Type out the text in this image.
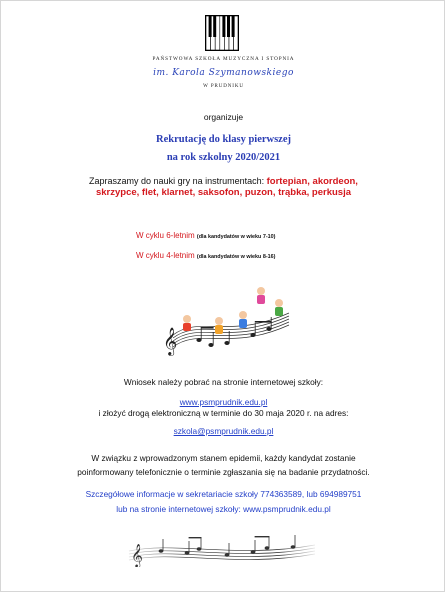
PAŃSTWOWA SZKOŁA MUZYCZNA I STOPNIA
im. Karola Szymanowskiego
W PRUDNIKU
organizuje
Rekrutację do klasy pierwszej
na rok szkolny 2020/2021
Zapraszamy do nauki gry na instrumentach: fortepian, akordeon,
skrzypce, flet, klarnet, saksofon, puzon, trąbka, perkusja
W cyklu 6-letnim (dla kandydatów w wieku 7-10)
W cyklu 4-letnim (dla kandydatów w wieku 8-16)
𝄞
Wniosek należy pobrać na stronie internetowej szkoły:
www.psmprudnik.edu.pl
i złożyć drogą elektroniczną w terminie do 30 maja 2020 r. na adres:
szkola@psmprudnik.edu.pl
W związku z wprowadzonym stanem epidemii, każdy kandydat zostanie
poinformowany telefonicznie o terminie zgłaszania się na badanie przydatności.
Szczegółowe informacje w sekretariacie szkoły 774363589, lub 694989751
lub na stronie internetowej szkoły: www.psmprudnik.edu.pl
𝄞
